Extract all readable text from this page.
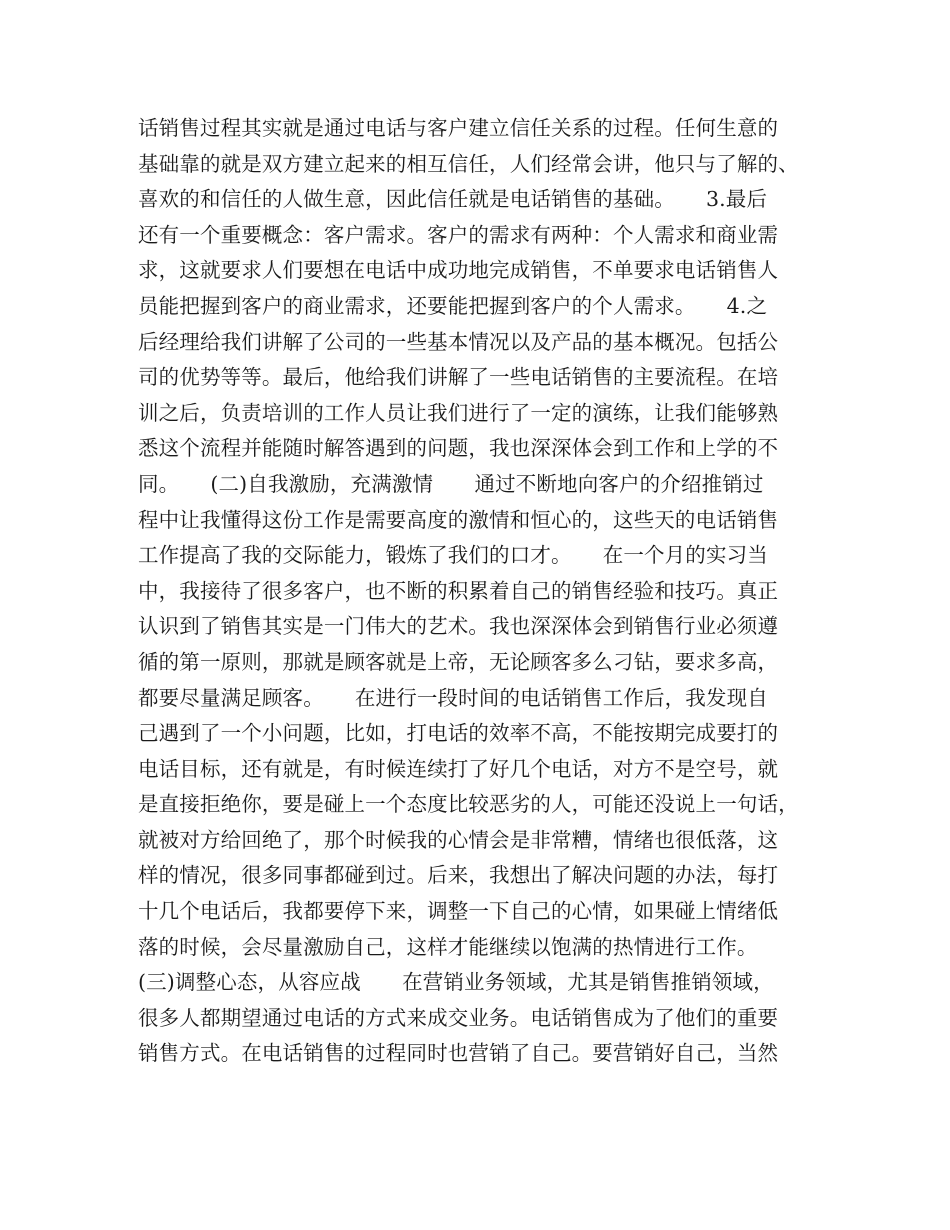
话销售过程其实就是通过电话与客户建立信任关系的过程。任何生意的
基础靠的就是双方建立起来的相互信任，人们经常会讲，他只与了解的、
喜欢的和信任的人做生意，因此信任就是电话销售的基础。　　3.最后
还有一个重要概念：客户需求。客户的需求有两种：个人需求和商业需
求，这就要求人们要想在电话中成功地完成销售，不单要求电话销售人
员能把握到客户的商业需求，还要能把握到客户的个人需求。　　4.之
后经理给我们讲解了公司的一些基本情况以及产品的基本概况。包括公
司的优势等等。最后，他给我们讲解了一些电话销售的主要流程。在培
训之后，负责培训的工作人员让我们进行了一定的演练，让我们能够熟
悉这个流程并能随时解答遇到的问题，我也深深体会到工作和上学的不
同。　　(二)自我激励，充满激情　　通过不断地向客户的介绍推销过
程中让我懂得这份工作是需要高度的激情和恒心的，这些天的电话销售
工作提高了我的交际能力，锻炼了我们的口才。　　在一个月的实习当
中，我接待了很多客户，也不断的积累着自己的销售经验和技巧。真正
认识到了销售其实是一门伟大的艺术。我也深深体会到销售行业必须遵
循的第一原则，那就是顾客就是上帝，无论顾客多么刁钻，要求多高，
都要尽量满足顾客。　　在进行一段时间的电话销售工作后，我发现自
己遇到了一个小问题，比如，打电话的效率不高，不能按期完成要打的
电话目标，还有就是，有时候连续打了好几个电话，对方不是空号，就
是直接拒绝你，要是碰上一个态度比较恶劣的人，可能还没说上一句话，
就被对方给回绝了，那个时候我的心情会是非常糟，情绪也很低落，这
样的情况，很多同事都碰到过。后来，我想出了解决问题的办法，每打
十几个电话后，我都要停下来，调整一下自己的心情，如果碰上情绪低
落的时候，会尽量激励自己，这样才能继续以饱满的热情进行工作。
(三)调整心态，从容应战　　在营销业务领域，尤其是销售推销领域，
很多人都期望通过电话的方式来成交业务。电话销售成为了他们的重要
销售方式。在电话销售的过程同时也营销了自己。要营销好自己，当然
